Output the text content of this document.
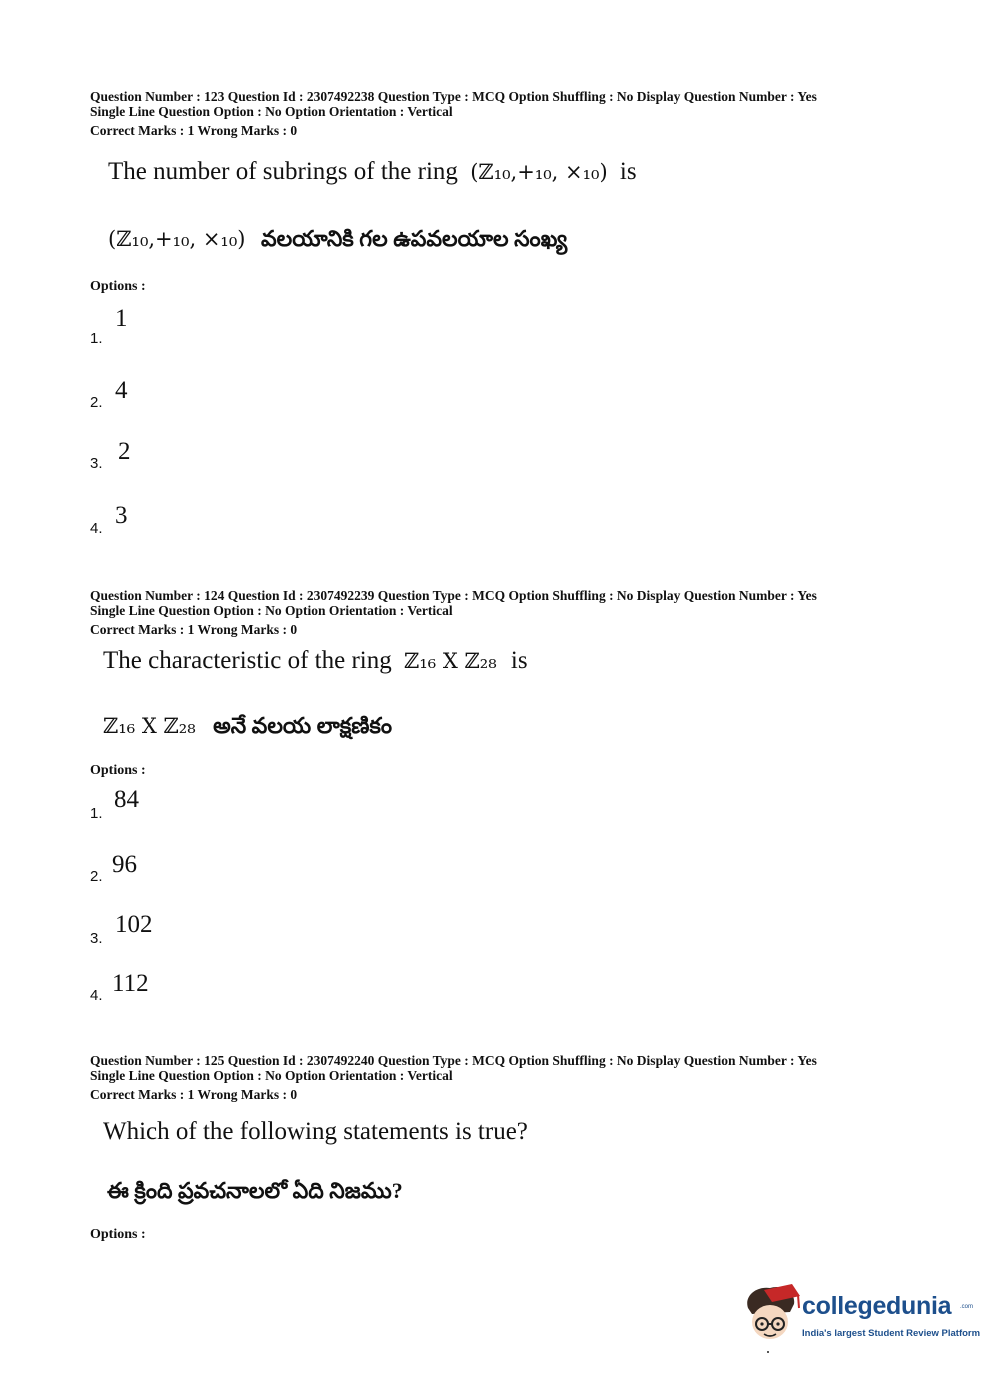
Question Number : 123 Question Id : 2307492238 Question Type : MCQ Option Shuffling : No Display Question Number : Yes
Single Line Question Option : No Option Orientation : Vertical
Correct Marks : 1 Wrong Marks : 0
The number of subrings of the ring (ℤ₁₀,+₁₀, ×₁₀) is
(ℤ₁₀,+₁₀, ×₁₀) వలయానికి గల ఉపవలయాల సంఖ్య
Options :
1.
1
2. 4
3. 2
4. 3
Question Number : 124 Question Id : 2307492239 Question Type : MCQ Option Shuffling : No Display Question Number : Yes
Single Line Question Option : No Option Orientation : Vertical
Correct Marks : 1 Wrong Marks : 0
The characteristic of the ring ℤ₁₆ X ℤ₂₈ is
ℤ₁₆ X ℤ₂₈ అనే వలయ లాక్షణికం
Options :
1.
84
2. 96
3.
102
4. 112
Question Number : 125 Question Id : 2307492240 Question Type : MCQ Option Shuffling : No Display Question Number : Yes
Single Line Question Option : No Option Orientation : Vertical
Correct Marks : 1 Wrong Marks : 0
Which of the following statements is true?
ఈ క్రింది ప్రవచనాలలో ఏది నిజము?
Options :
collegedunia .com
India's largest Student Review Platform
